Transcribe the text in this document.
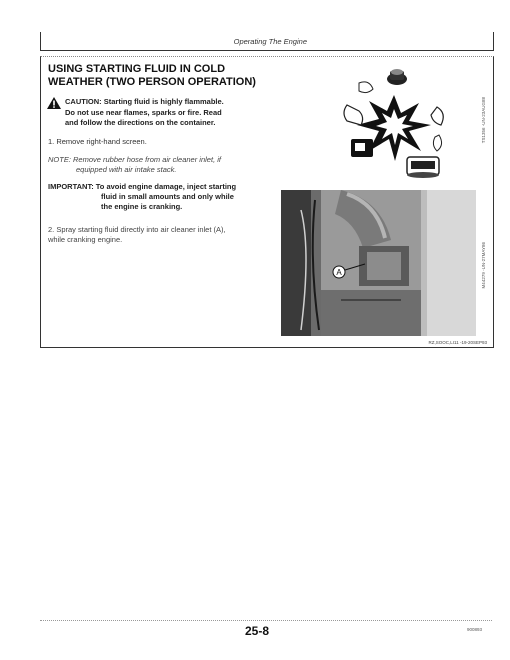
Operating The Engine
USING STARTING FLUID IN COLD
WEATHER (TWO PERSON OPERATION)
CAUTION: Starting fluid is highly flammable.
Do not use near flames, sparks or fire. Read
and follow the directions on the container.
1. Remove right-hand screen.
NOTE: Remove rubber hose from air cleaner inlet, if
equipped with air intake stack.
IMPORTANT: To avoid engine damage, inject starting
fluid in small amounts and only while
the engine is cranking.
2. Spray starting fluid directly into air cleaner inlet (A),
while cranking engine.
TS1356 -UN-23AUG88
A	M44279 -UN-27MAY86
RZ,SOOC,LI11 -19-20SEP93
25-8	900893
